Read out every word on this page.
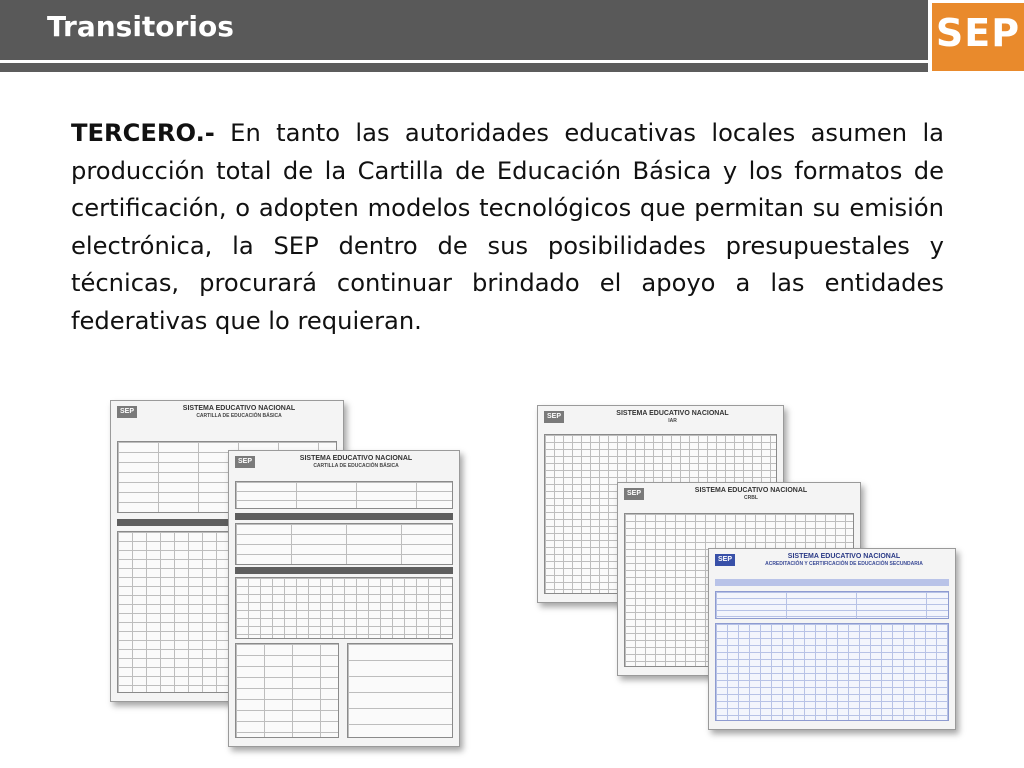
Transitorios	SEP
TERCERO.- En tanto las autoridades educativas locales asumen la producción total de la Cartilla de Educación Básica y los formatos de certificación, o adopten modelos tecnológicos que permitan su emisión electrónica, la SEP dentro de sus posibilidades presupuestales y técnicas, procurará continuar brindado el apoyo a las entidades federativas que lo requieran.
SEP	SISTEMA EDUCATIVO NACIONAL
CARTILLA DE EDUCACIÓN BÁSICA
SEP	SISTEMA EDUCATIVO NACIONAL
CARTILLA DE EDUCACIÓN BÁSICA
SEP	SISTEMA EDUCATIVO NACIONAL
IAR
SEP	SISTEMA EDUCATIVO NACIONAL
CRBL
SEP	SISTEMA EDUCATIVO NACIONAL
ACREDITACIÓN Y CERTIFICACIÓN DE EDUCACIÓN SECUNDARIA
